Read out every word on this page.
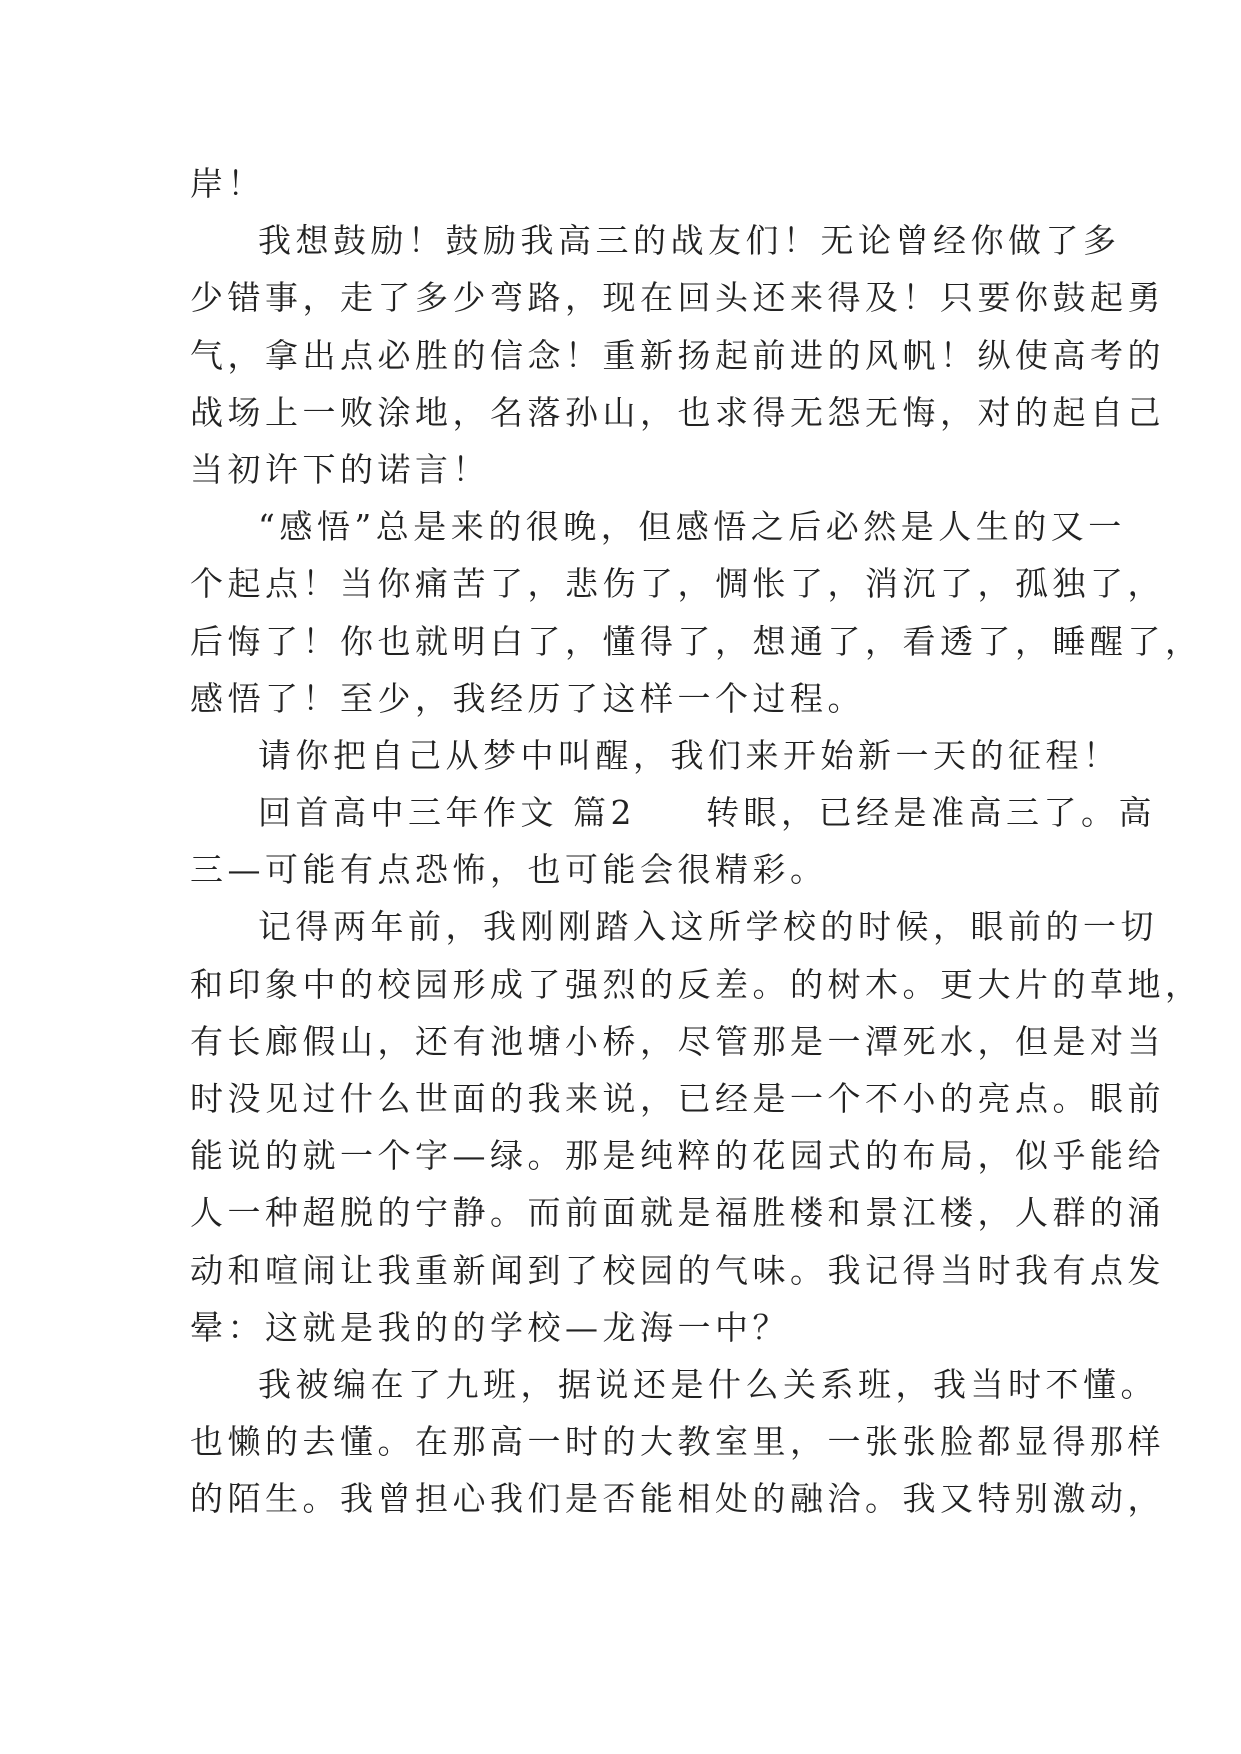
岸！
我想鼓励！鼓励我高三的战友们！无论曾经你做了多
少错事，走了多少弯路，现在回头还来得及！只要你鼓起勇
气，拿出点必胜的信念！重新扬起前进的风帆！纵使高考的
战场上一败涂地，名落孙山，也求得无怨无悔，对的起自己
当初许下的诺言！
“感悟”总是来的很晚，但感悟之后必然是人生的又一
个起点！当你痛苦了，悲伤了，惆怅了，消沉了，孤独了，
后悔了！你也就明白了，懂得了，想通了，看透了，睡醒了，
感悟了！至少，我经历了这样一个过程。
请你把自己从梦中叫醒，我们来开始新一天的征程！
回首高中三年作文 篇2 转眼，已经是准高三了。高
三—可能有点恐怖，也可能会很精彩。
记得两年前，我刚刚踏入这所学校的时候，眼前的一切
和印象中的校园形成了强烈的反差。的树木。更大片的草地，
有长廊假山，还有池塘小桥，尽管那是一潭死水，但是对当
时没见过什么世面的我来说，已经是一个不小的亮点。眼前
能说的就一个字—绿。那是纯粹的花园式的布局，似乎能给
人一种超脱的宁静。而前面就是福胜楼和景江楼，人群的涌
动和喧闹让我重新闻到了校园的气味。我记得当时我有点发
晕：这就是我的的学校—龙海一中？
我被编在了九班，据说还是什么关系班，我当时不懂。
也懒的去懂。在那高一时的大教室里，一张张脸都显得那样
的陌生。我曾担心我们是否能相处的融洽。我又特别激动，
